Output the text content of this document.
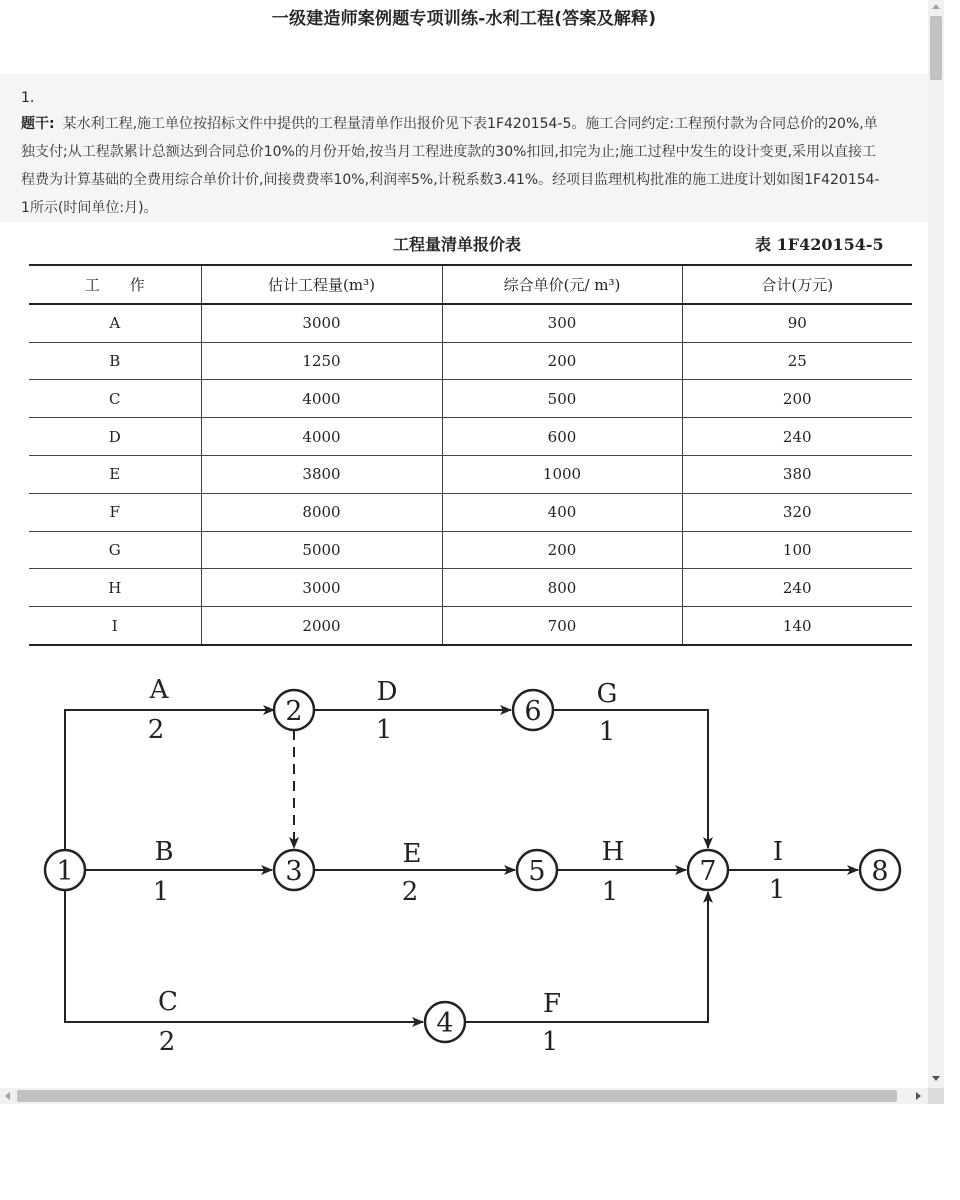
一级建造师案例题专项训练-水利工程(答案及解释)
1.
题干: 某水利工程,施工单位按招标文件中提供的工程量清单作出报价见下表1F420154-5。施工合同约定:工程预付款为合同总价的20%,单独支付;从工程款累计总额达到合同总价10%的月份开始,按当月工程进度款的30%扣回,扣完为止;施工过程中发生的设计变更,采用以直接工程费为计算基础的全费用综合单价计价,间接费费率10%,利润率5%,计税系数3.41%。经项目监理机构批准的施工进度计划如图1F420154-1所示(时间单位:月)。
工程量清单报价表	表 1F420154-5
工　　作	估计工程量(m³)	综合单价(元/ m³)	合计(万元)
A	3000	300	90
B	1250	200	25
C	4000	500	200
D	4000	600	240
E	3800	1000	380
F	8000	400	320
G	5000	200	100
H	3000	800	240
I	2000	700	140
1
2
3
4
5
6
7	8
A
2
D
1
G
1
B
1
E
2
H
1
I
1
C
2
F
1
